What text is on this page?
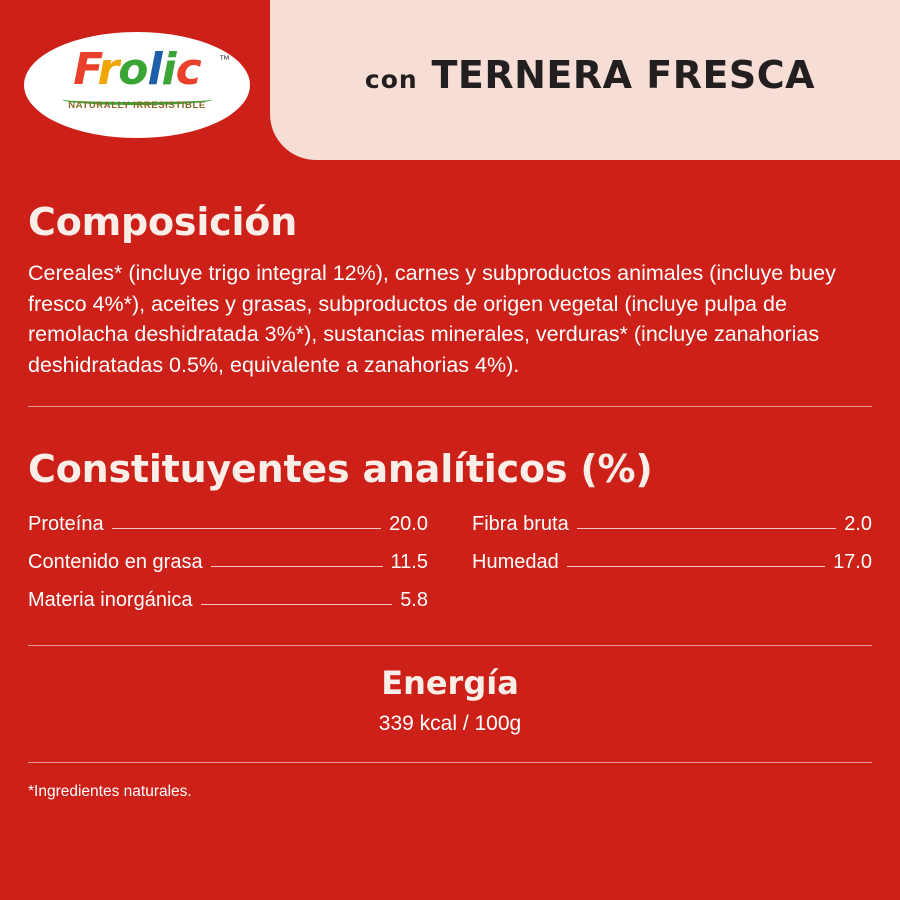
con TERNERA FRESCA
Frolic	™
NATURALLY IRRESISTIBLE
Composición
Cereales* (incluye trigo integral 12%), carnes y subproductos animales (incluye buey fresco 4%*), aceites y grasas, subproductos de origen vegetal (incluye pulpa de remolacha deshidratada 3%*), sustancias minerales, verduras* (incluye zanahorias deshidratadas 0.5%, equivalente a zanahorias 4%).
Constituyentes analíticos (%)
Proteína	20.0
Contenido en grasa	11.5
Materia inorgánica	5.8
Fibra bruta	2.0
Humedad	17.0
Energía
339 kcal / 100g
*Ingredientes naturales.
